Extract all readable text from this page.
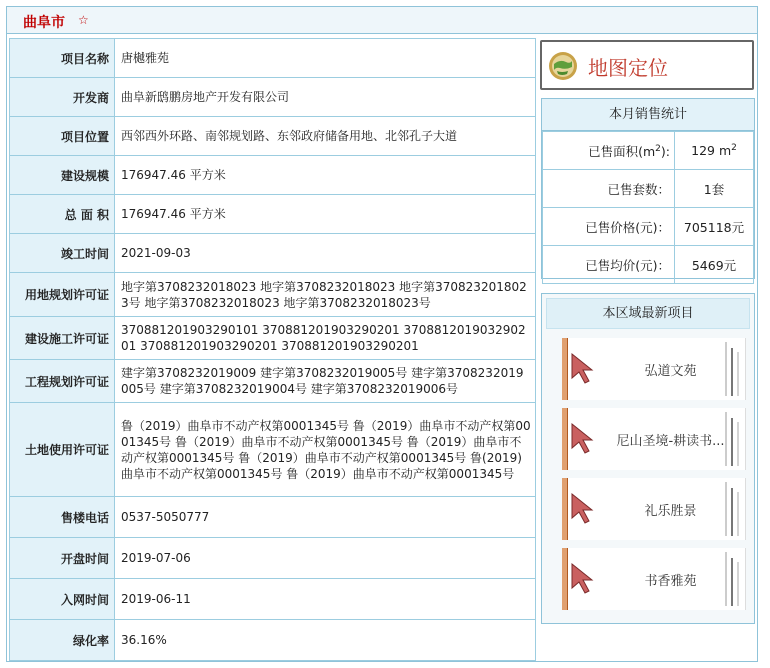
曲阜市 ☆
项目名称	唐樾雅苑
开发商	曲阜新鸱鹏房地产开发有限公司
项目位置	西邻西外环路、南邻规划路、东邻政府储备用地、北邻孔子大道
建设规模	176947.46 平方米
总 面 积	176947.46 平方米
竣工时间	2021-09-03
用地规划许可证	地字第3708232018023 地字第3708232018023 地字第3708232018023号 地字第3708232018023 地字第3708232018023号
建设施工许可证	370881201903290101 370881201903290201 370881201903290201 370881201903290201 370881201903290201
工程规划许可证	建字第3708232019009 建字第3708232019005号 建字第3708232019005号 建字第3708232019004号 建字第3708232019006号
土地使用许可证	鲁（2019）曲阜市不动产权第0001345号 鲁（2019）曲阜市不动产权第0001345号 鲁（2019）曲阜市不动产权第0001345号 鲁（2019）曲阜市不动产权第0001345号 鲁（2019）曲阜市不动产权第0001345号 鲁(2019)曲阜市不动产权第0001345号 鲁（2019）曲阜市不动产权第0001345号
售楼电话	0537-5050777
开盘时间	2019-07-06
入网时间	2019-06-11
绿化率	36.16%
地图定位
本月销售统计
已售面积$(m^2)$:	129 $m^2$
已售套数：	1套
已售价格(元)：	705118元
已售均价(元)：	5469元
本区域最新项目
弘道文苑
尼山圣境-耕读书...
礼乐胜景
书香雅苑
